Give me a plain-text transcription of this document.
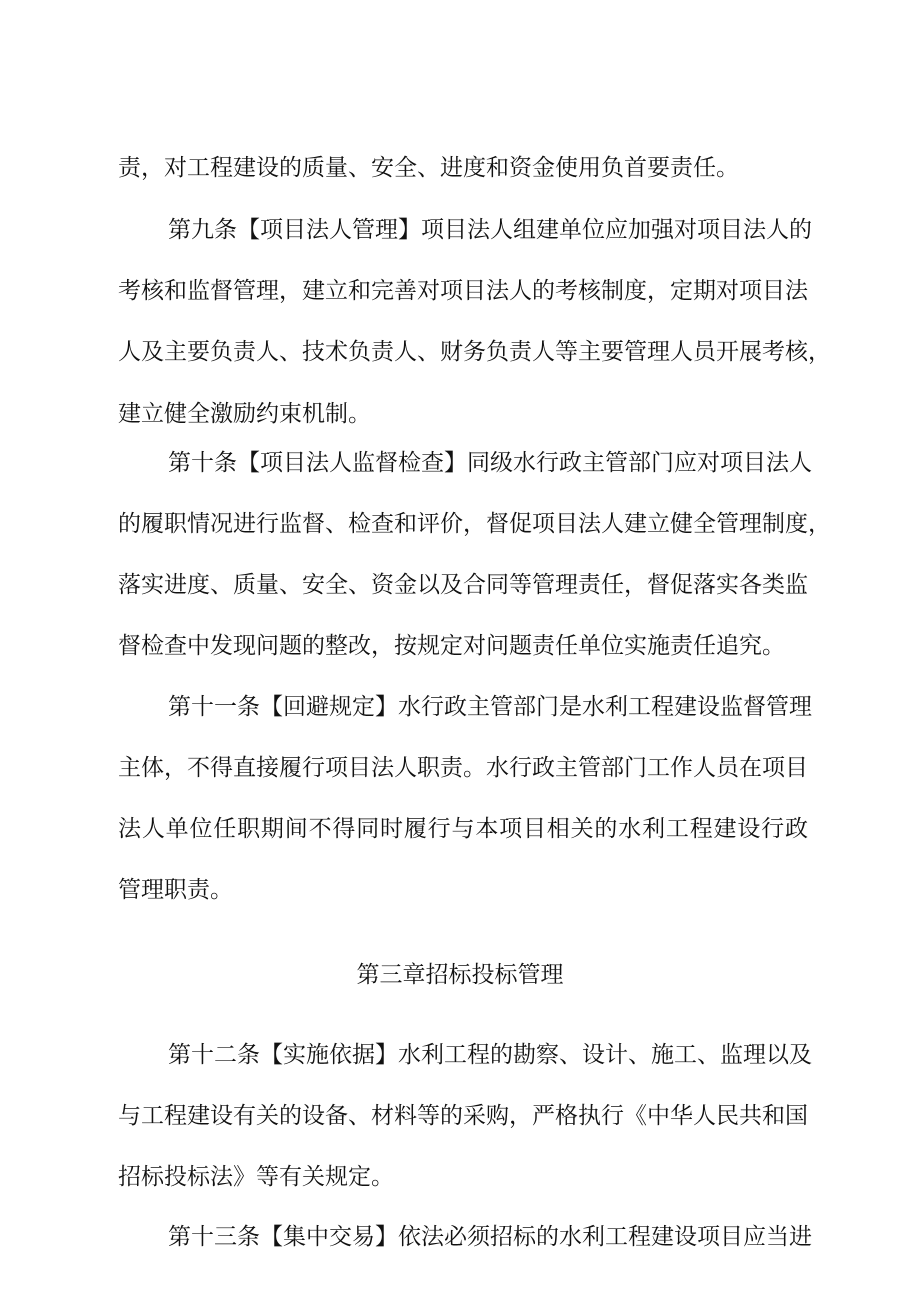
责，对工程建设的质量、安全、进度和资金使用负首要责任。
第九条【项目法人管理】项目法人组建单位应加强对项目法人的
考核和监督管理，建立和完善对项目法人的考核制度，定期对项目法
人及主要负责人、技术负责人、财务负责人等主要管理人员开展考核，
建立健全激励约束机制。
第十条【项目法人监督检查】同级水行政主管部门应对项目法人
的履职情况进行监督、检查和评价，督促项目法人建立健全管理制度，
落实进度、质量、安全、资金以及合同等管理责任，督促落实各类监
督检查中发现问题的整改，按规定对问题责任单位实施责任追究。
第十一条【回避规定】水行政主管部门是水利工程建设监督管理
主体，不得直接履行项目法人职责。水行政主管部门工作人员在项目
法人单位任职期间不得同时履行与本项目相关的水利工程建设行政
管理职责。
第三章招标投标管理
第十二条【实施依据】水利工程的勘察、设计、施工、监理以及
与工程建设有关的设备、材料等的采购，严格执行《中华人民共和国
招标投标法》等有关规定。
第十三条【集中交易】依法必须招标的水利工程建设项目应当进
